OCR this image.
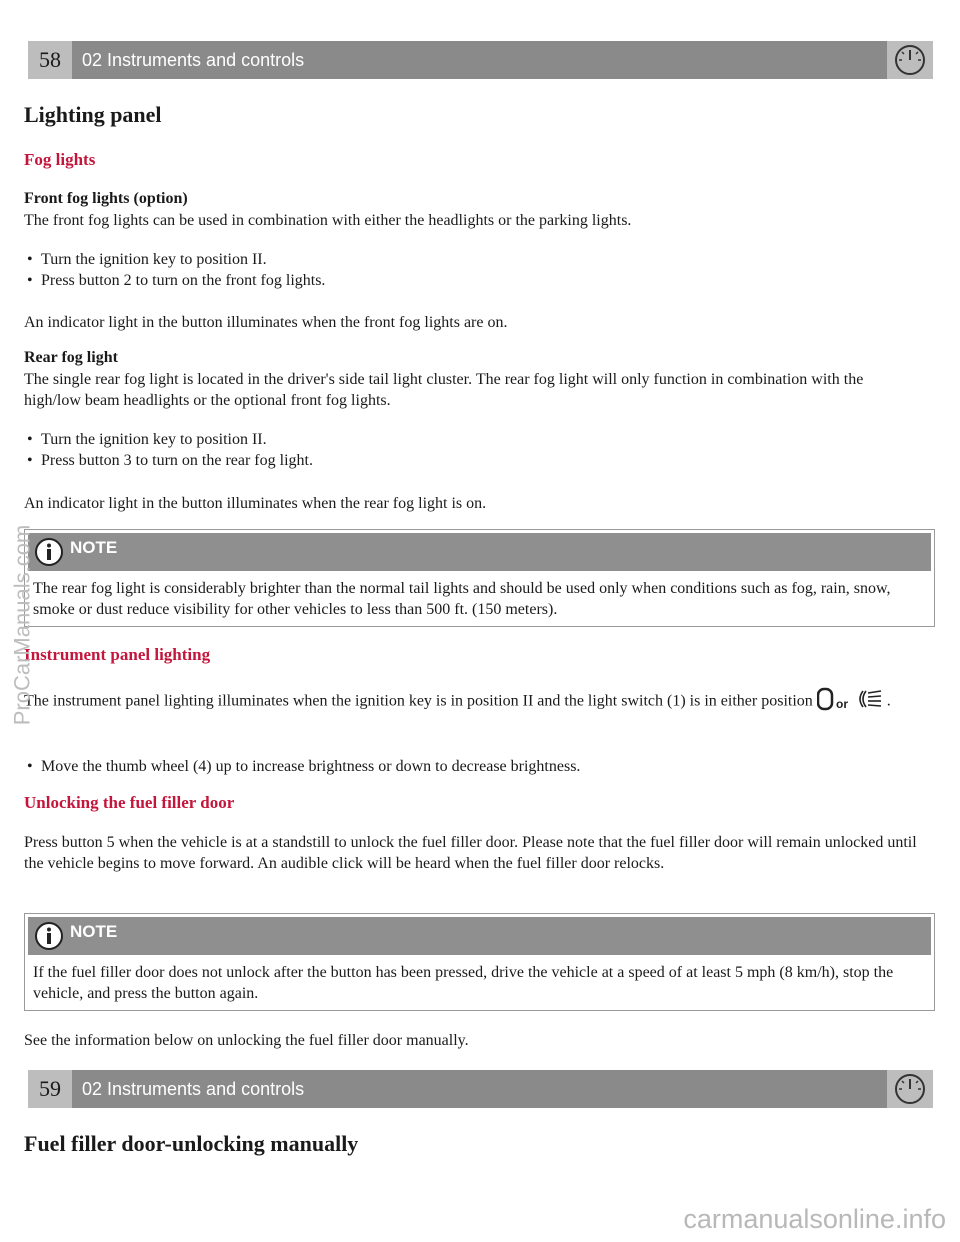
58	02 Instruments and controls
Lighting panel
Fog lights
Front fog lights (option)
The front fog lights can be used in combination with either the headlights or the parking lights.
• Turn the ignition key to position II.
• Press button 2 to turn on the front fog lights.
An indicator light in the button illuminates when the front fog lights are on.
Rear fog light
The single rear fog light is located in the driver's side tail light cluster. The rear fog light will only function in combination with the high/low beam headlights or the optional front fog lights.
• Turn the ignition key to position II.
• Press button 3 to turn on the rear fog light.
An indicator light in the button illuminates when the rear fog light is on.
NOTE
The rear fog light is considerably brighter than the normal tail lights and should be used only when conditions such as fog, rain, snow, smoke or dust reduce visibility for other vehicles to less than 500 ft. (150 meters).
Instrument panel lighting
The instrument panel lighting illuminates when the ignition key is in position II and the light switch (1) is in either position or .
• Move the thumb wheel (4) up to increase brightness or down to decrease brightness.
Unlocking the fuel filler door
Press button 5 when the vehicle is at a standstill to unlock the fuel filler door. Please note that the fuel filler door will remain unlocked until the vehicle begins to move forward. An audible click will be heard when the fuel filler door relocks.
NOTE
If the fuel filler door does not unlock after the button has been pressed, drive the vehicle at a speed of at least 5 mph (8 km/h), stop the vehicle, and press the button again.
See the information below on unlocking the fuel filler door manually.
59	02 Instruments and controls
Fuel filler door-unlocking manually
ProCarManuals.com
carmanualsonline.info
